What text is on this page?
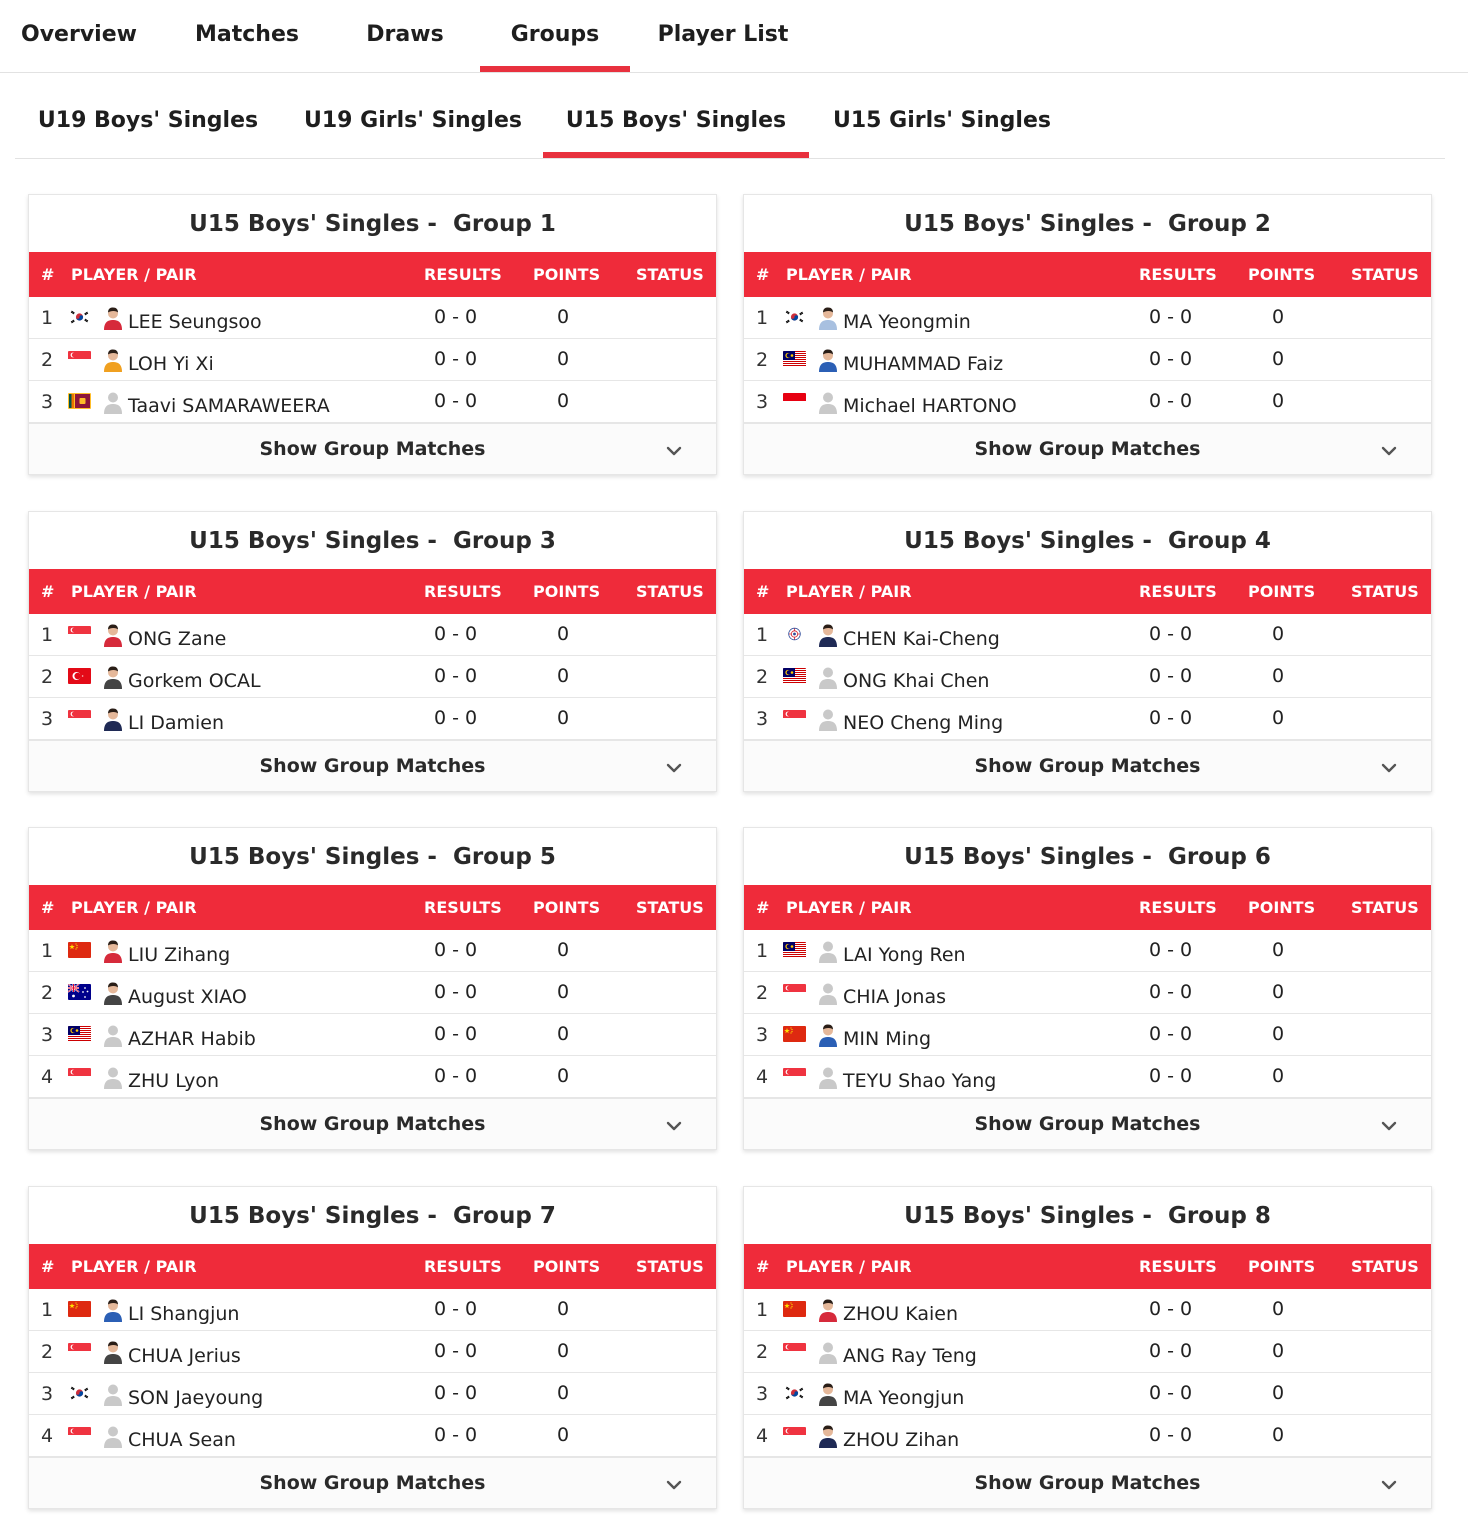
Overview	Matches	Draws	Groups	Player List
U19 Boys' Singles U19 Girls' Singles	U15 Boys' Singles	U15 Girls' Singles
U15 Boys' Singles -  Group 1
# PLAYER / PAIR	RESULTS POINTS STATUS
1	LEE Seungsoo	0 - 0	0
2	LOH Yi Xi	0 - 0	0
3	Taavi SAMARAWEERA	0 - 0	0
Show Group Matches
U15 Boys' Singles -  Group 2
# PLAYER / PAIR	RESULTS POINTS STATUS
1	MA Yeongmin	0 - 0	0
2	MUHAMMAD Faiz	0 - 0	0
3	Michael HARTONO	0 - 0	0
Show Group Matches
U15 Boys' Singles -  Group 3
# PLAYER / PAIR	RESULTS POINTS STATUS
1	ONG Zane	0 - 0	0
2	Gorkem OCAL	0 - 0	0
3	LI Damien	0 - 0	0
Show Group Matches
U15 Boys' Singles -  Group 4
# PLAYER / PAIR	RESULTS POINTS STATUS
1	CHEN Kai-Cheng	0 - 0	0
2	ONG Khai Chen	0 - 0	0
3	NEO Cheng Ming	0 - 0	0
Show Group Matches
U15 Boys' Singles -  Group 5
# PLAYER / PAIR	RESULTS POINTS STATUS
1	LIU Zihang	0 - 0	0
2	August XIAO	0 - 0	0
3	AZHAR Habib	0 - 0	0
4	ZHU Lyon	0 - 0	0
Show Group Matches
U15 Boys' Singles -  Group 6
# PLAYER / PAIR	RESULTS POINTS STATUS
1	LAI Yong Ren	0 - 0	0
2	CHIA Jonas	0 - 0	0
3	MIN Ming	0 - 0	0
4	TEYU Shao Yang	0 - 0	0
Show Group Matches
U15 Boys' Singles -  Group 7
# PLAYER / PAIR	RESULTS POINTS STATUS
1	LI Shangjun	0 - 0	0
2	CHUA Jerius	0 - 0	0
3	SON Jaeyoung	0 - 0	0
4	CHUA Sean	0 - 0	0
Show Group Matches
U15 Boys' Singles -  Group 8
# PLAYER / PAIR	RESULTS POINTS STATUS
1	ZHOU Kaien	0 - 0	0
2	ANG Ray Teng	0 - 0	0
3	MA Yeongjun	0 - 0	0
4	ZHOU Zihan	0 - 0	0
Show Group Matches
